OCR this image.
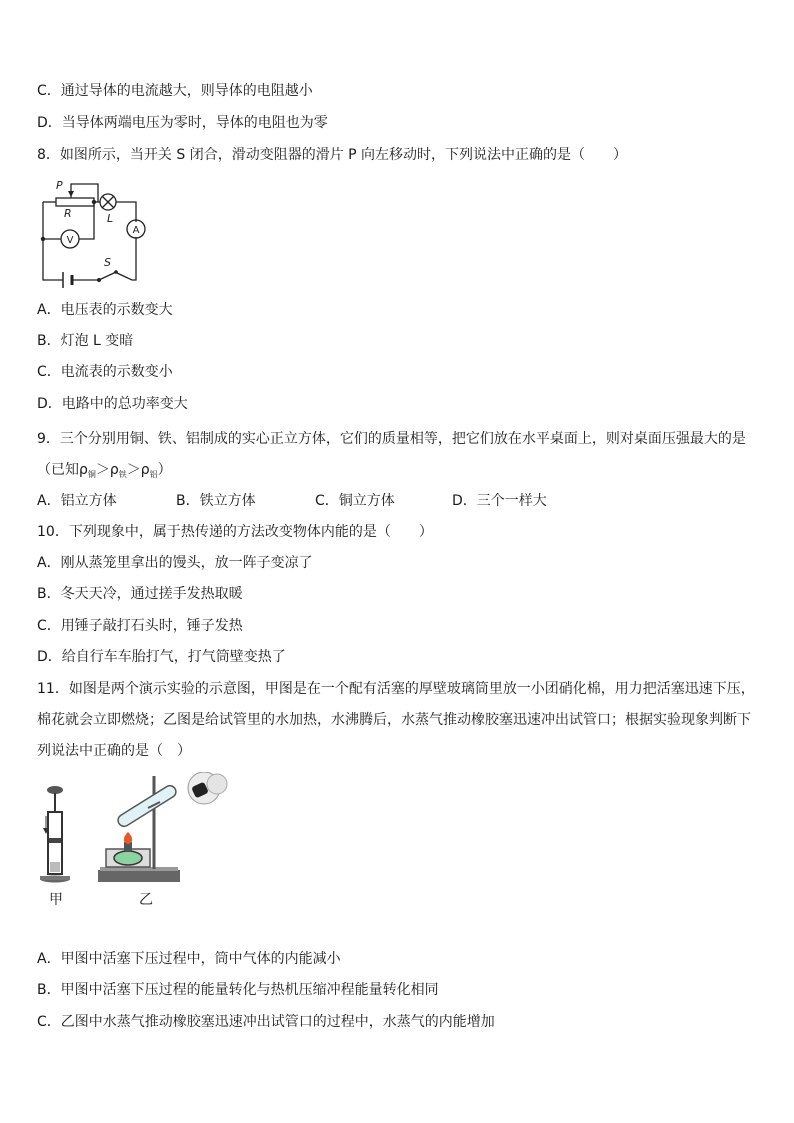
C．通过导体的电流越大，则导体的电阻越小
D．当导体两端电压为零时，导体的电阻也为零
8．如图所示，当开关 S 闭合，滑动变阻器的滑片 P 向左移动时，下列说法中正确的是（　　）
P
R	L
S
V
A
A．电压表的示数变大
B．灯泡 L 变暗
C．电流表的示数变小
D．电路中的总功率变大
9．三个分别用铜、铁、铝制成的实心正立方体，它们的质量相等，把它们放在水平桌面上，则对桌面压强最大的是
（已知$\rho_铜>\rho_铁>\rho_铝$）
A．铝立方体	B．铁立方体	C．铜立方体	D．三个一样大
10．下列现象中，属于热传递的方法改变物体内能的是（　　）
A．刚从蒸笼里拿出的馒头，放一阵子变凉了
B．冬天天冷，通过搓手发热取暖
C．用锤子敲打石头时，锤子发热
D．给自行车车胎打气，打气筒壁变热了
11．如图是两个演示实验的示意图，甲图是在一个配有活塞的厚壁玻璃筒里放一小团硝化棉，用力把活塞迅速下压，棉花就会立即燃烧；乙图是给试管里的水加热，水沸腾后，水蒸气推动橡胶塞迅速冲出试管口；根据实验现象判断下列说法中正确的是（　）
甲	乙
A．甲图中活塞下压过程中，筒中气体的内能减小
B．甲图中活塞下压过程的能量转化与热机压缩冲程能量转化相同
C．乙图中水蒸气推动橡胶塞迅速冲出试管口的过程中，水蒸气的内能增加
